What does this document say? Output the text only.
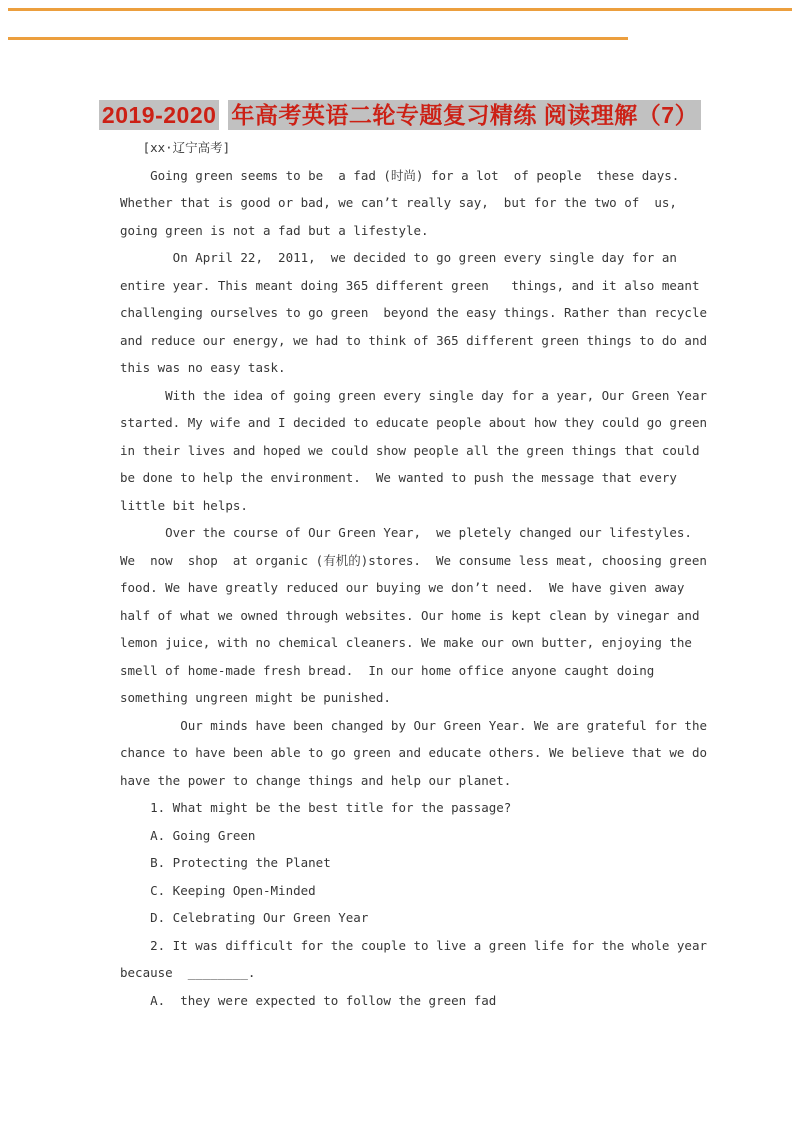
2019-2020 年高考英语二轮专题复习精练 阅读理解（7）
[xx·辽宁高考]
Going green seems to be  a fad (时尚) for a lot  of people  these days.
Whether that is good or bad, we can’t really say,  but for the two of  us,
going green is not a fad but a lifestyle.
On April 22,  2011,  we decided to go green every single day for an
entire year. This meant doing 365 different green   things, and it also meant
challenging ourselves to go green  beyond the easy things. Rather than recycle
and reduce our energy, we had to think of 365 different green things to do and
this was no easy task.
With the idea of going green every single day for a year, Our Green Year
started. My wife and I decided to educate people about how they could go green
in their lives and hoped we could show people all the green things that could
be done to help the environment.  We wanted to push the message that every
little bit helps.
Over the course of Our Green Year,  we pletely changed our lifestyles.
We  now  shop  at organic (有机的)stores.  We consume less meat, choosing green
food. We have greatly reduced our buying we don’t need.  We have given away
half of what we owned through websites. Our home is kept clean by vinegar and
lemon juice, with no chemical cleaners. We make our own butter, enjoying the
smell of home-made fresh bread.  In our home office anyone caught doing
something ungreen might be punished.
Our minds have been changed by Our Green Year. We are grateful for the
chance to have been able to go green and educate others. We believe that we do
have the power to change things and help our planet.
1. What might be the best title for the passage?
A. Going Green
B. Protecting the Planet
C. Keeping Open-Minded
D. Celebrating Our Green Year
2. It was difficult for the couple to live a green life for the whole year
because  ________.
A.  they were expected to follow the green fad
